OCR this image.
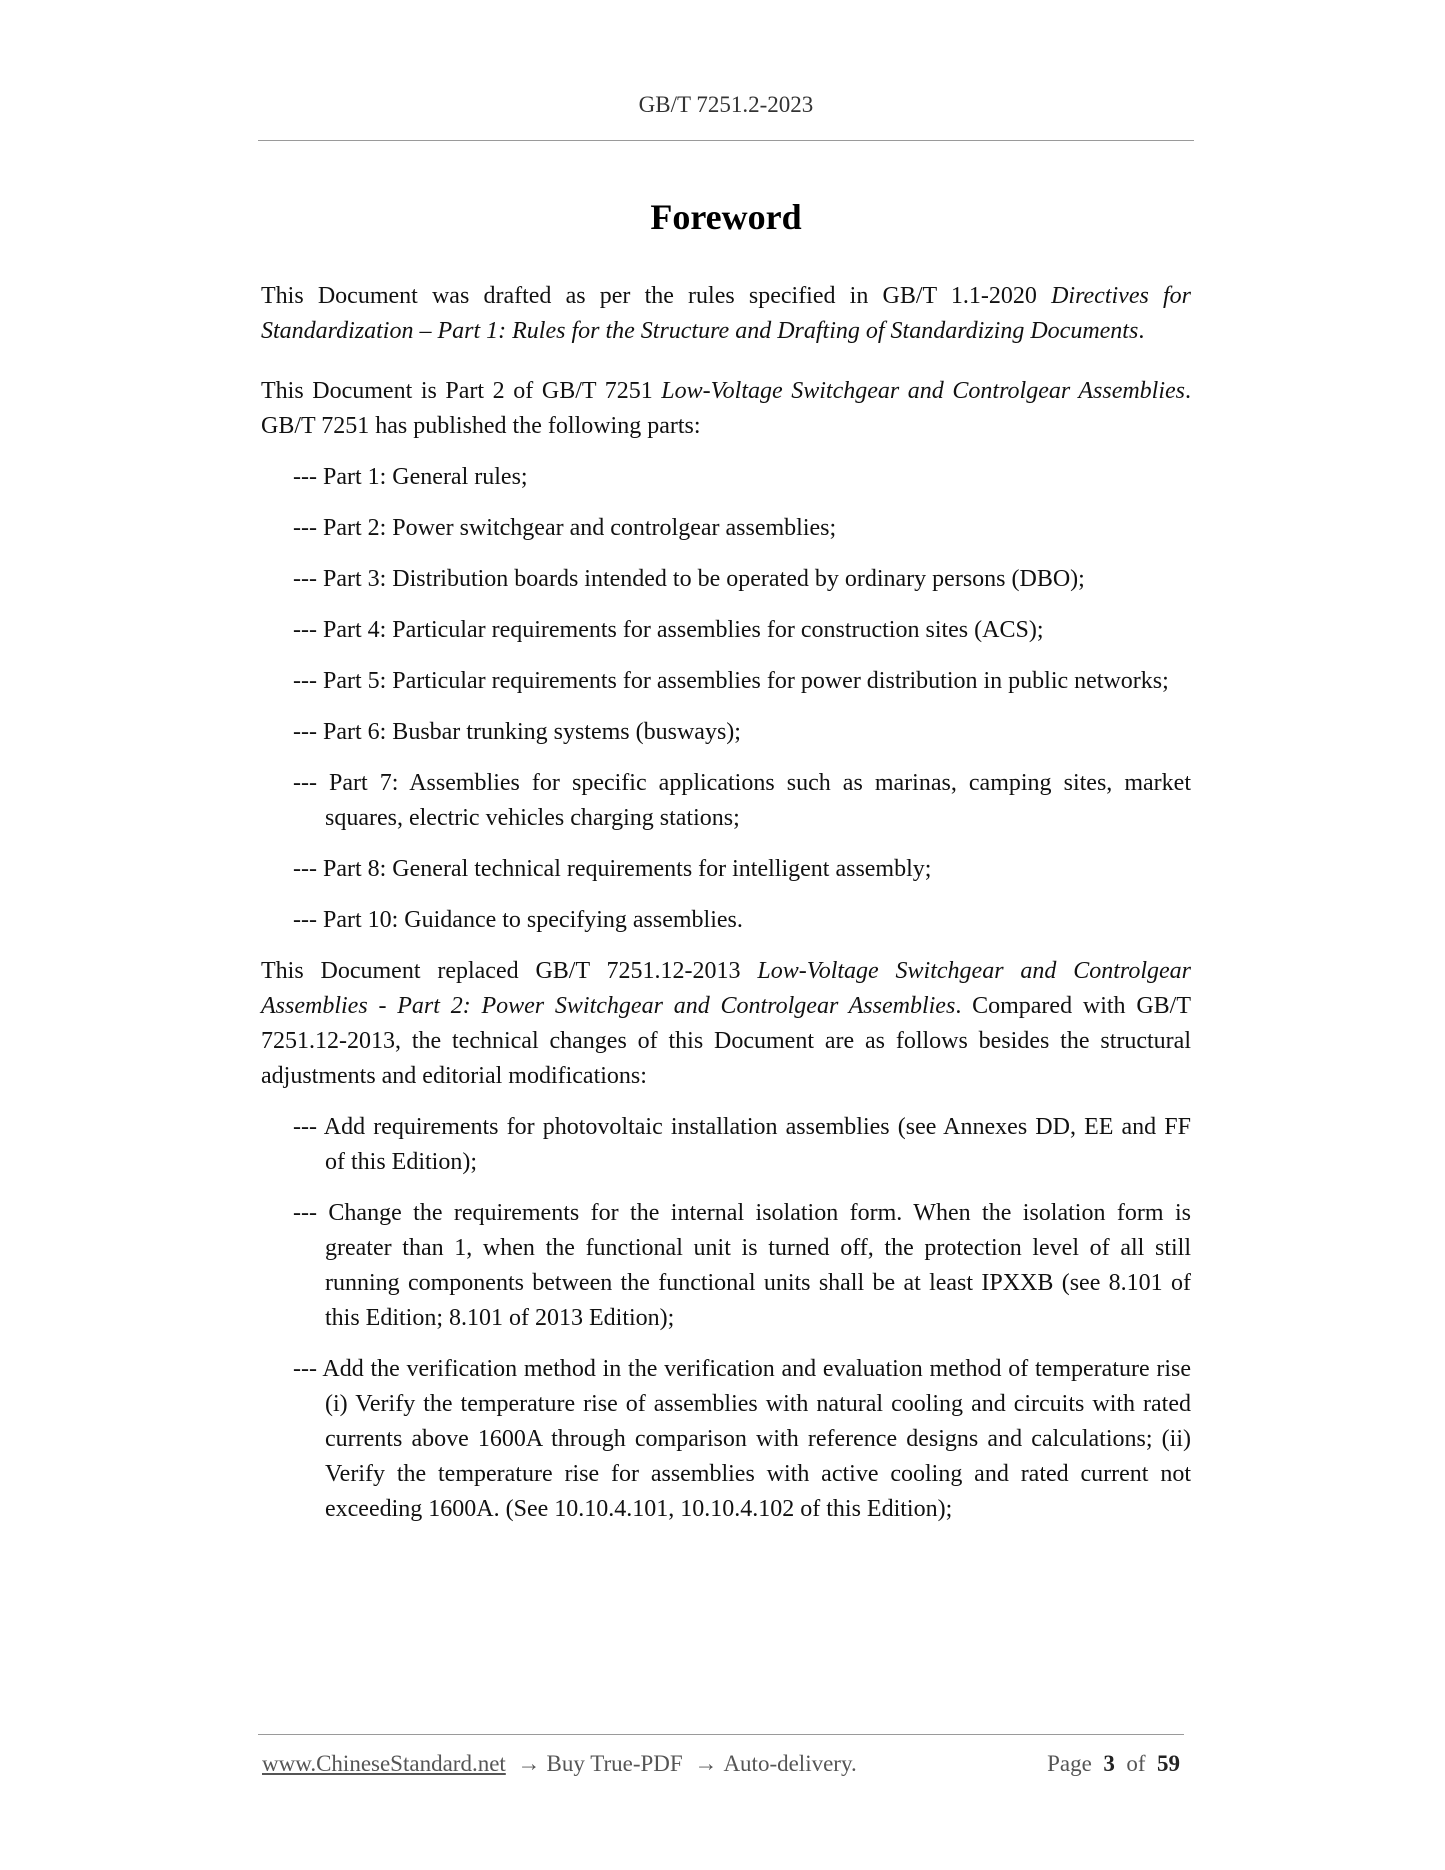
GB/T 7251.2-2023
Foreword

This Document was drafted as per the rules specified in GB/T 1.1-2020 Directives for Standardization – Part 1: Rules for the Structure and Drafting of Standardizing Documents.

This Document is Part 2 of GB/T 7251 Low-Voltage Switchgear and Controlgear Assemblies. GB/T 7251 has published the following parts:

--- Part 1: General rules;
--- Part 2: Power switchgear and controlgear assemblies;
--- Part 3: Distribution boards intended to be operated by ordinary persons (DBO);
--- Part 4: Particular requirements for assemblies for construction sites (ACS);
--- Part 5: Particular requirements for assemblies for power distribution in public networks;
--- Part 6: Busbar trunking systems (busways);
--- Part 7: Assemblies for specific applications such as marinas, camping sites, market squares, electric vehicles charging stations;
--- Part 8: General technical requirements for intelligent assembly;
--- Part 10: Guidance to specifying assemblies.

This Document replaced GB/T 7251.12-2013 Low-Voltage Switchgear and Controlgear Assemblies - Part 2: Power Switchgear and Controlgear Assemblies. Compared with GB/T 7251.12-2013, the technical changes of this Document are as follows besides the structural adjustments and editorial modifications:

--- Add requirements for photovoltaic installation assemblies (see Annexes DD, EE and FF of this Edition);
--- Change the requirements for the internal isolation form. When the isolation form is greater than 1, when the functional unit is turned off, the protection level of all still running components between the functional units shall be at least IPXXB (see 8.101 of this Edition; 8.101 of 2013 Edition);
--- Add the verification method in the verification and evaluation method of temperature rise (i) Verify the temperature rise of assemblies with natural cooling and circuits with rated currents above 1600A through comparison with reference designs and calculations; (ii) Verify the temperature rise for assemblies with active cooling and rated current not exceeding 1600A. (See 10.10.4.101, 10.10.4.102 of this Edition);
www.ChineseStandard.net → Buy True-PDF → Auto-delivery.	Page 3 of 59
